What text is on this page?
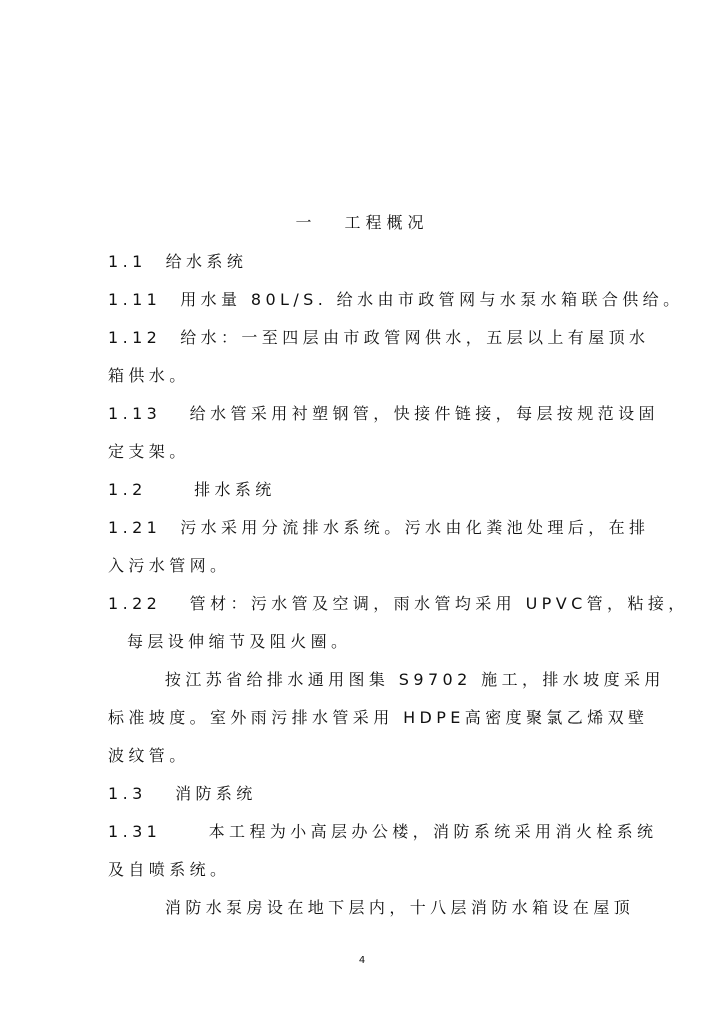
一 工程概况
1.1  给水系统
1.11  用水量 80L/S. 给水由市政管网与水泵水箱联合供给。
1.12  给水：一至四层由市政管网供水，五层以上有屋顶水
箱供水。
1.13   给水管采用衬塑钢管，快接件链接，每层按规范设固
定支架。
1.2     排水系统
1.21  污水采用分流排水系统。污水由化粪池处理后，在排
入污水管网。
1.22   管材：污水管及空调，雨水管均采用 UPVC管，粘接，
每层设伸缩节及阻火圈。
按江苏省给排水通用图集 S9702 施工，排水坡度采用
标准坡度。室外雨污排水管采用 HDPE高密度聚氯乙烯双壁
波纹管。
1.3   消防系统
1.31     本工程为小高层办公楼，消防系统采用消火栓系统
及自喷系统。
消防水泵房设在地下层内，十八层消防水箱设在屋顶
4
